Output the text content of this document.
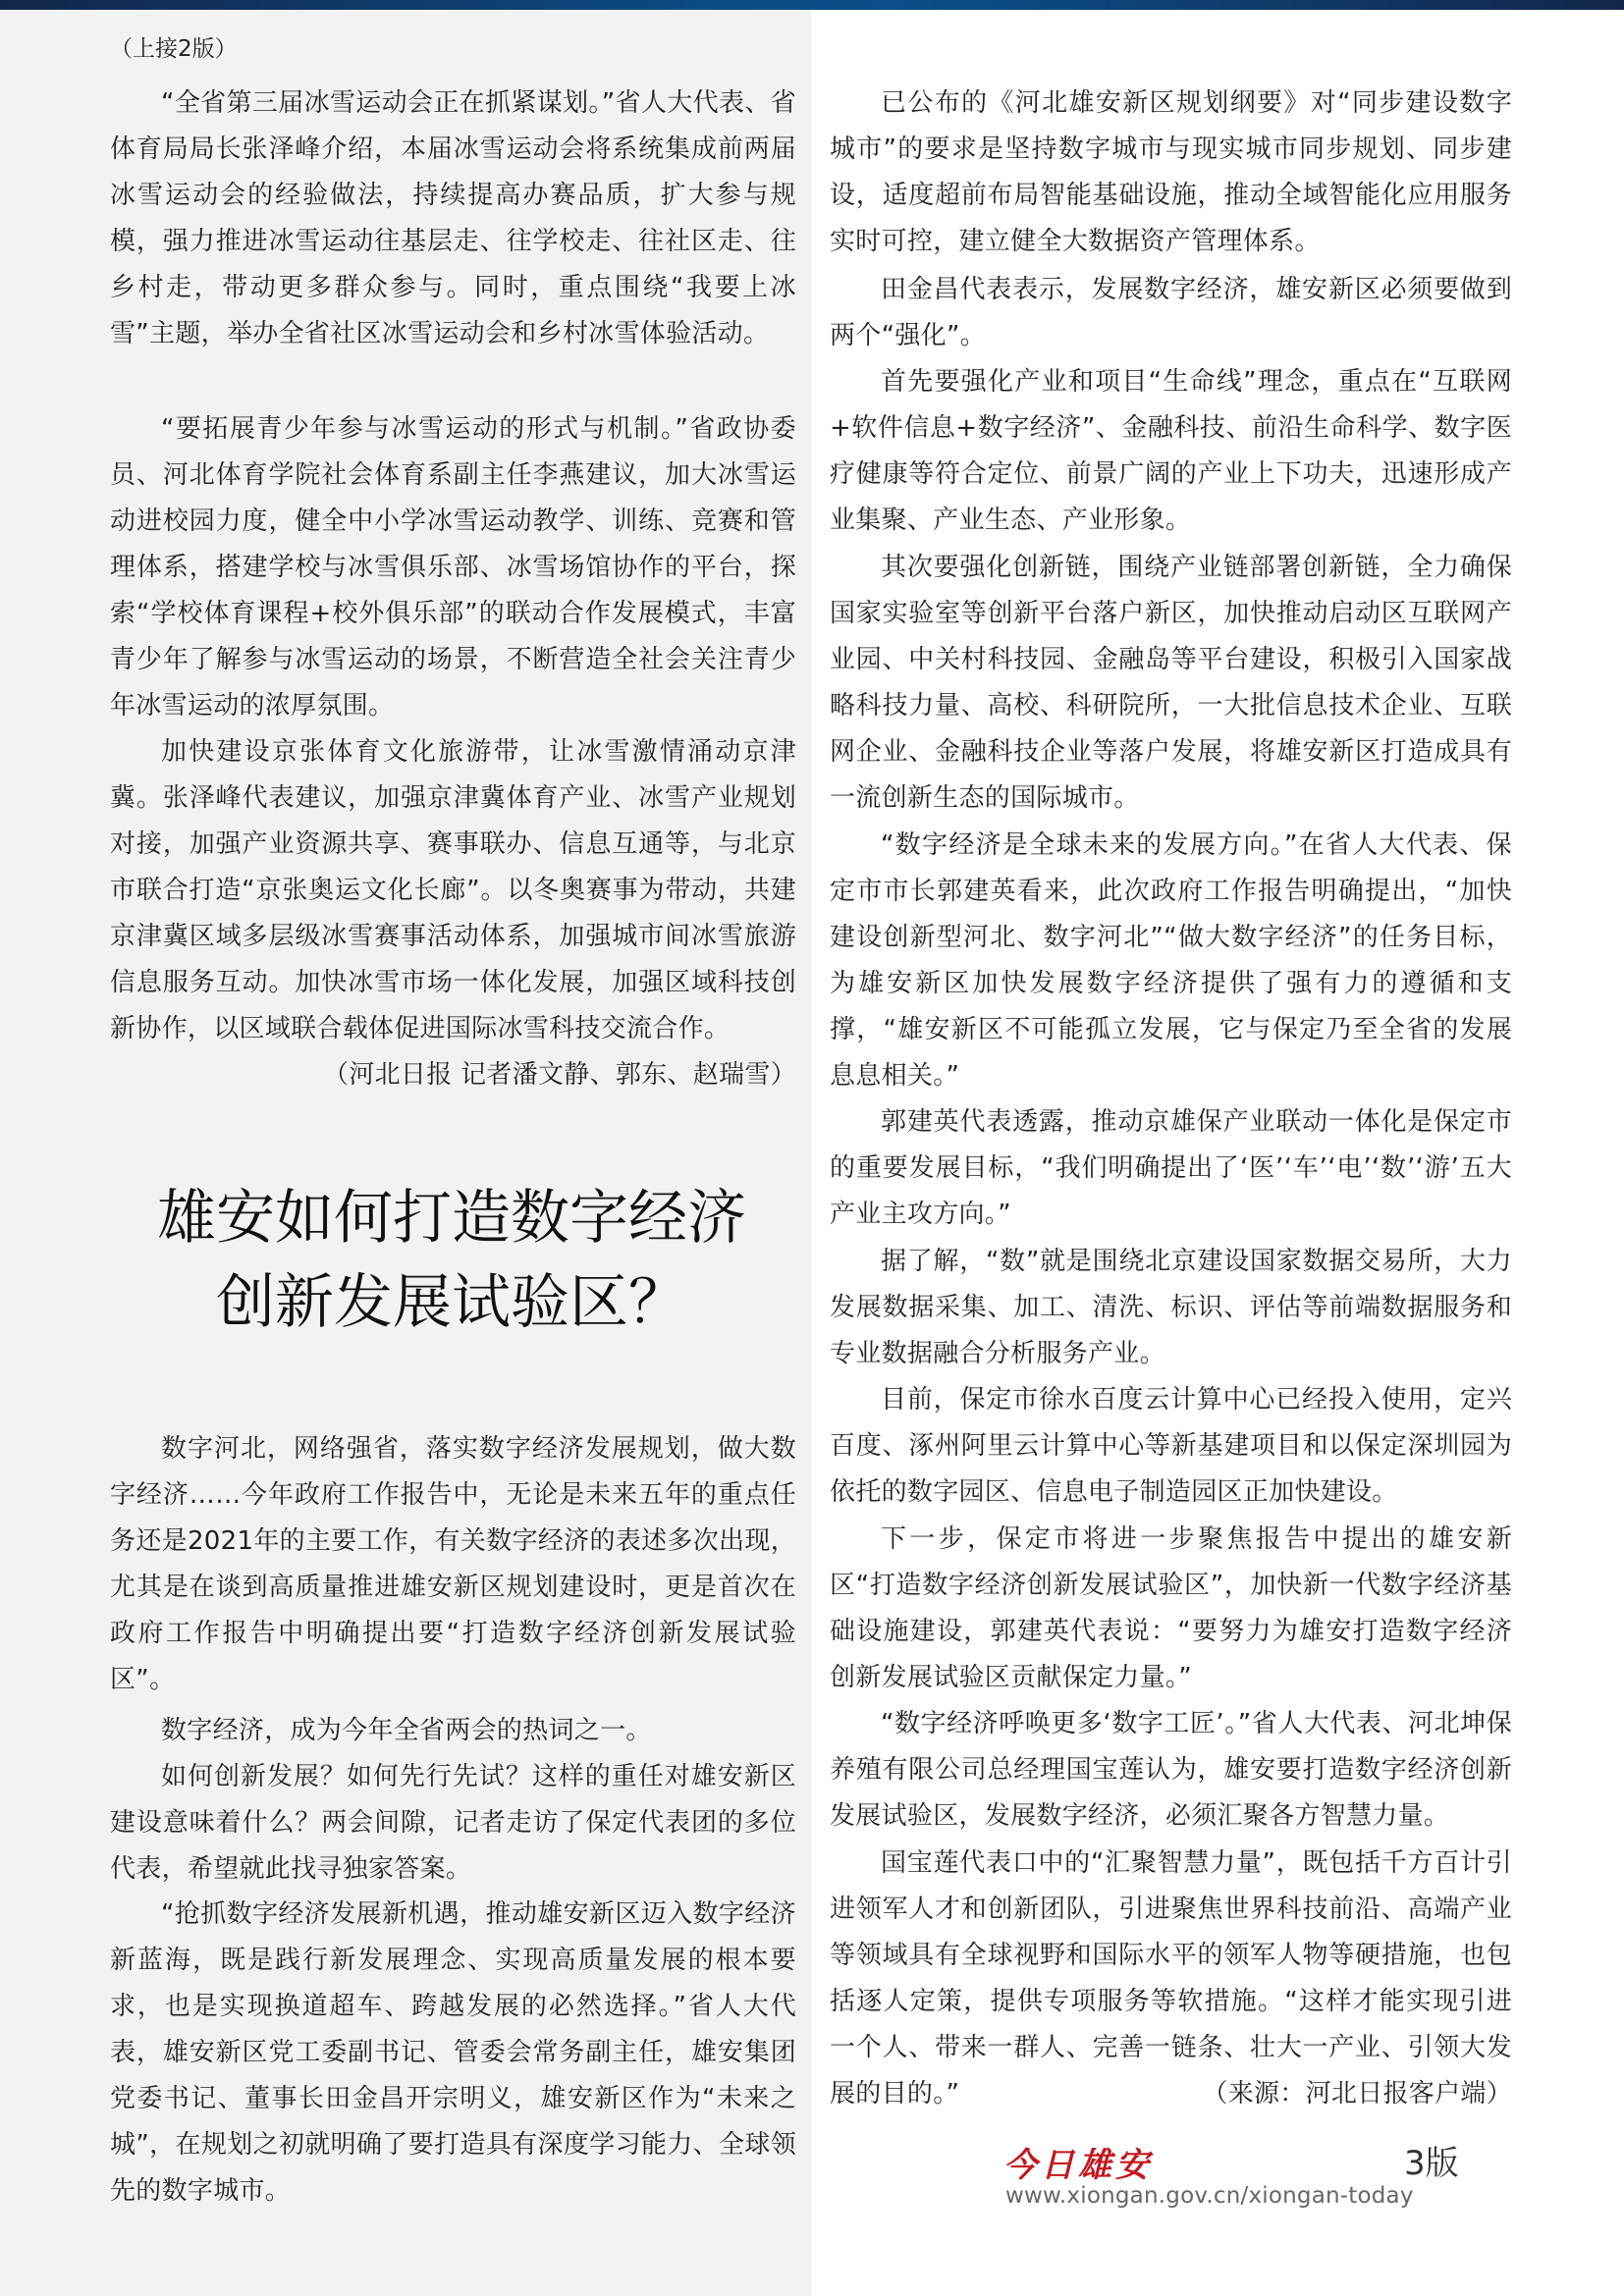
（上接2版）

“全省第三届冰雪运动会正在抓紧谋划。”省人大代表、省体育局局长张泽峰介绍，本届冰雪运动会将系统集成前两届冰雪运动会的经验做法，持续提高办赛品质，扩大参与规模，强力推进冰雪运动往基层走、往学校走、往社区走、往乡村走，带动更多群众参与。同时，重点围绕“我要上冰雪”主题，举办全省社区冰雪运动会和乡村冰雪体验活动。

“要拓展青少年参与冰雪运动的形式与机制。”省政协委员、河北体育学院社会体育系副主任李燕建议，加大冰雪运动进校园力度，健全中小学冰雪运动教学、训练、竞赛和管理体系，搭建学校与冰雪俱乐部、冰雪场馆协作的平台，探索“学校体育课程+校外俱乐部”的联动合作发展模式，丰富青少年了解参与冰雪运动的场景，不断营造全社会关注青少年冰雪运动的浓厚氛围。

加快建设京张体育文化旅游带，让冰雪激情涌动京津冀。张泽峰代表建议，加强京津冀体育产业、冰雪产业规划对接，加强产业资源共享、赛事联办、信息互通等，与北京市联合打造“京张奥运文化长廊”。以冬奥赛事为带动，共建京津冀区域多层级冰雪赛事活动体系，加强城市间冰雪旅游信息服务互动。加快冰雪市场一体化发展，加强区域科技创新协作，以区域联合载体促进国际冰雪科技交流合作。
（河北日报 记者潘文静、郭东、赵瑞雪）

雄安如何打造数字经济
创新发展试验区？

数字河北，网络强省，落实数字经济发展规划，做大数字经济……今年政府工作报告中，无论是未来五年的重点任务还是2021年的主要工作，有关数字经济的表述多次出现，尤其是在谈到高质量推进雄安新区规划建设时，更是首次在政府工作报告中明确提出要“打造数字经济创新发展试验区”。

数字经济，成为今年全省两会的热词之一。

如何创新发展？如何先行先试？这样的重任对雄安新区建设意味着什么？两会间隙，记者走访了保定代表团的多位代表，希望就此找寻独家答案。

“抢抓数字经济发展新机遇，推动雄安新区迈入数字经济新蓝海，既是践行新发展理念、实现高质量发展的根本要求，也是实现换道超车、跨越发展的必然选择。”省人大代表，雄安新区党工委副书记、管委会常务副主任，雄安集团党委书记、董事长田金昌开宗明义，雄安新区作为“未来之城”，在规划之初就明确了要打造具有深度学习能力、全球领先的数字城市。

已公布的《河北雄安新区规划纲要》对“同步建设数字城市”的要求是坚持数字城市与现实城市同步规划、同步建设，适度超前布局智能基础设施，推动全域智能化应用服务实时可控，建立健全大数据资产管理体系。

田金昌代表表示，发展数字经济，雄安新区必须要做到两个“强化”。

首先要强化产业和项目“生命线”理念，重点在“互联网+软件信息+数字经济”、金融科技、前沿生命科学、数字医疗健康等符合定位、前景广阔的产业上下功夫，迅速形成产业集聚、产业生态、产业形象。

其次要强化创新链，围绕产业链部署创新链，全力确保国家实验室等创新平台落户新区，加快推动启动区互联网产业园、中关村科技园、金融岛等平台建设，积极引入国家战略科技力量、高校、科研院所，一大批信息技术企业、互联网企业、金融科技企业等落户发展，将雄安新区打造成具有一流创新生态的国际城市。

“数字经济是全球未来的发展方向。”在省人大代表、保定市市长郭建英看来，此次政府工作报告明确提出，“加快建设创新型河北、数字河北”“做大数字经济”的任务目标，为雄安新区加快发展数字经济提供了强有力的遵循和支撑，“雄安新区不可能孤立发展，它与保定乃至全省的发展息息相关。”

郭建英代表透露，推动京雄保产业联动一体化是保定市的重要发展目标，“我们明确提出了‘医’‘车’‘电’‘数’‘游’五大产业主攻方向。”

据了解，“数”就是围绕北京建设国家数据交易所，大力发展数据采集、加工、清洗、标识、评估等前端数据服务和专业数据融合分析服务产业。

目前，保定市徐水百度云计算中心已经投入使用，定兴百度、涿州阿里云计算中心等新基建项目和以保定深圳园为依托的数字园区、信息电子制造园区正加快建设。

下一步，保定市将进一步聚焦报告中提出的雄安新区“打造数字经济创新发展试验区”，加快新一代数字经济基础设施建设，郭建英代表说：“要努力为雄安打造数字经济创新发展试验区贡献保定力量。”

“数字经济呼唤更多‘数字工匠’。”省人大代表、河北坤保养殖有限公司总经理国宝莲认为，雄安要打造数字经济创新发展试验区，发展数字经济，必须汇聚各方智慧力量。

国宝莲代表口中的“汇聚智慧力量”，既包括千方百计引进领军人才和创新团队，引进聚焦世界科技前沿、高端产业等领域具有全球视野和国际水平的领军人物等硬措施，也包括逐人定策，提供专项服务等软措施。“这样才能实现引进一个人、带来一群人、完善一链条、壮大一产业、引领大发展的目的。”	（来源：河北日报客户端）

今日雄安	3版
www.xiongan.gov.cn/xiongan-today
